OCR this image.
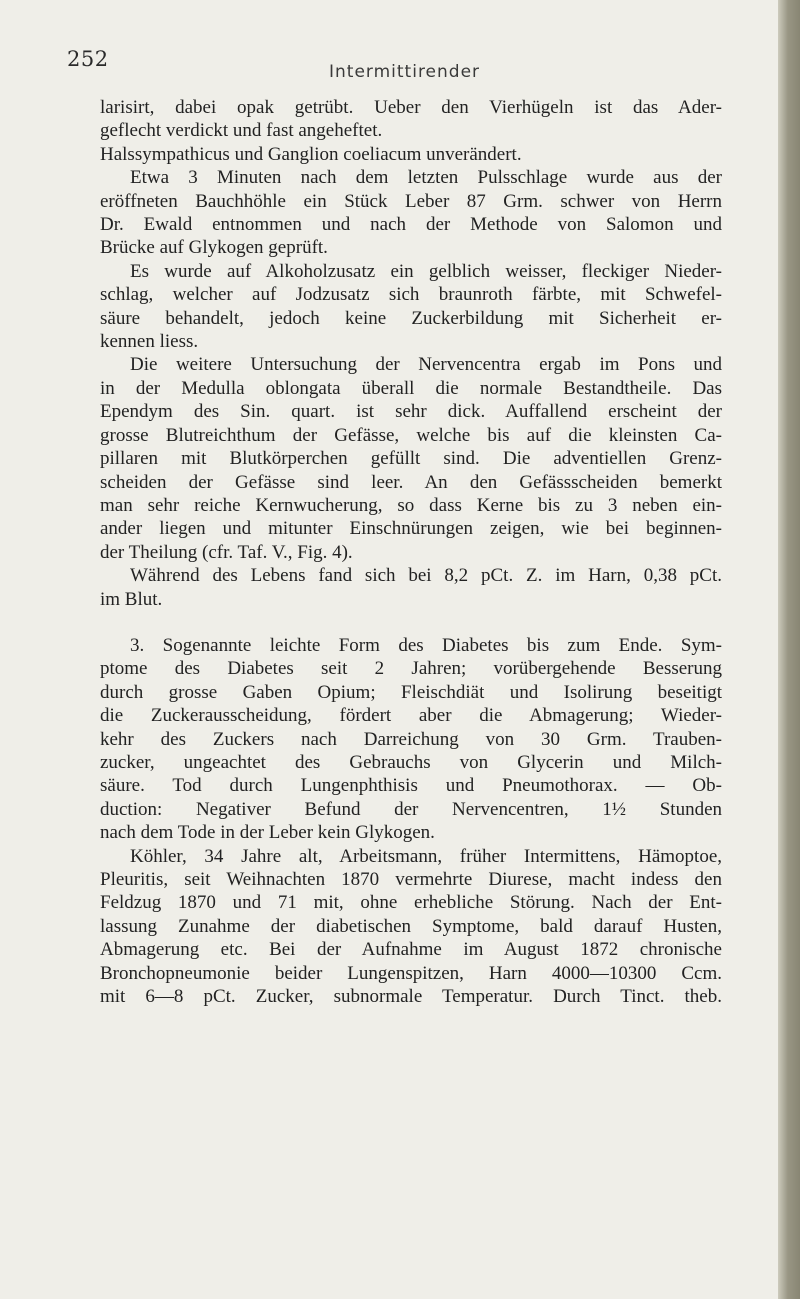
252
Intermittirender
larisirt, dabei opak getrübt. Ueber den Vierhügeln ist das Ader-
geflecht verdickt und fast angeheftet.
Halssympathicus und Ganglion coeliacum unverändert.
Etwa 3 Minuten nach dem letzten Pulsschlage wurde aus der
eröffneten Bauchhöhle ein Stück Leber 87 Grm. schwer von Herrn
Dr. Ewald entnommen und nach der Methode von Salomon und
Brücke auf Glykogen geprüft.
Es wurde auf Alkoholzusatz ein gelblich weisser, fleckiger Nieder-
schlag, welcher auf Jodzusatz sich braunroth färbte, mit Schwefel-
säure behandelt, jedoch keine Zuckerbildung mit Sicherheit er-
kennen liess.
Die weitere Untersuchung der Nervencentra ergab im Pons und
in der Medulla oblongata überall die normale Bestandtheile. Das
Ependym des Sin. quart. ist sehr dick. Auffallend erscheint der
grosse Blutreichthum der Gefässe, welche bis auf die kleinsten Ca-
pillaren mit Blutkörperchen gefüllt sind. Die adventiellen Grenz-
scheiden der Gefässe sind leer. An den Gefässscheiden bemerkt
man sehr reiche Kernwucherung, so dass Kerne bis zu 3 neben ein-
ander liegen und mitunter Einschnürungen zeigen, wie bei beginnen-
der Theilung (cfr. Taf. V., Fig. 4).
Während des Lebens fand sich bei 8,2 pCt. Z. im Harn, 0,38 pCt.
im Blut.
3. Sogenannte leichte Form des Diabetes bis zum Ende. Sym-
ptome des Diabetes seit 2 Jahren; vorübergehende Besserung
durch grosse Gaben Opium; Fleischdiät und Isolirung beseitigt
die Zuckerausscheidung, fördert aber die Abmagerung; Wieder-
kehr des Zuckers nach Darreichung von 30 Grm. Trauben-
zucker, ungeachtet des Gebrauchs von Glycerin und Milch-
säure. Tod durch Lungenphthisis und Pneumothorax. — Ob-
duction: Negativer Befund der Nervencentren, 1½ Stunden
nach dem Tode in der Leber kein Glykogen.
Köhler, 34 Jahre alt, Arbeitsmann, früher Intermittens, Hämoptoe,
Pleuritis, seit Weihnachten 1870 vermehrte Diurese, macht indess den
Feldzug 1870 und 71 mit, ohne erhebliche Störung. Nach der Ent-
lassung Zunahme der diabetischen Symptome, bald darauf Husten,
Abmagerung etc. Bei der Aufnahme im August 1872 chronische
Bronchopneumonie beider Lungenspitzen, Harn 4000—10300 Ccm.
mit 6—8 pCt. Zucker, subnormale Temperatur. Durch Tinct. theb.
